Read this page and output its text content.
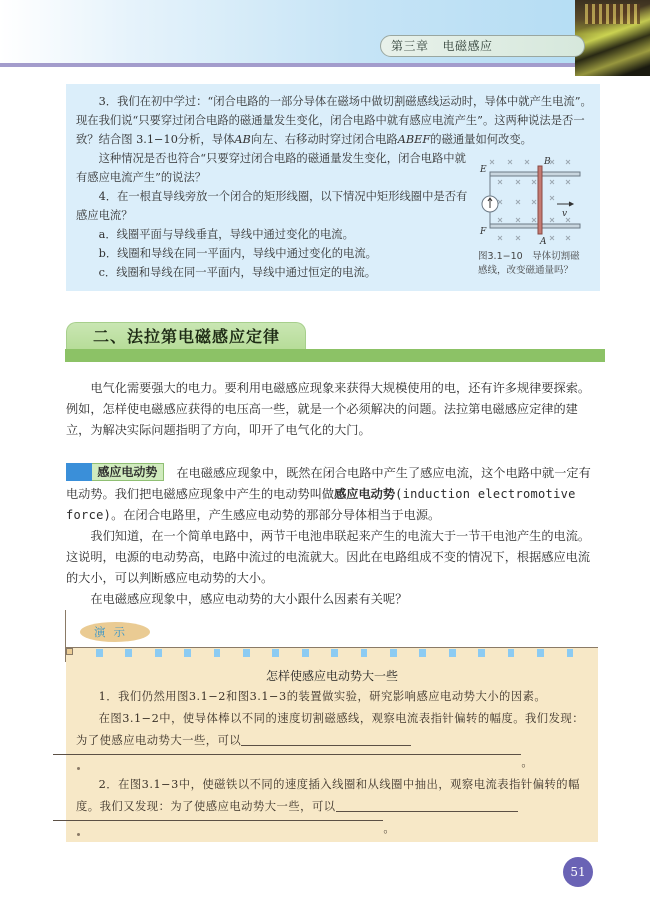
第三章 电磁感应

3．我们在初中学过：“闭合电路的一部分导体在磁场中做切割磁感线运动时，导体中就产生电流”。现在我们说“只要穿过闭合电路的磁通量发生变化，闭合电路中就有感应电流产生”。这两种说法是否一致？结合图 3.1−10分析，导体AB向左、右移动时穿过闭合电路ABEF的磁通量如何改变。

这种情况是否也符合“只要穿过闭合电路的磁通量发生变化，闭合电路中就有感应电流产生”的说法？

4．在一根直导线旁放一个闭合的矩形线圈，以下情况中矩形线圈中是否有感应电流？

a．线圈平面与导线垂直，导线中通过变化的电流。

b．线圈和导线在同一平面内，导线中通过变化的电流。

c．线圈和导线在同一平面内，导线中通过恒定的电流。

E
F
B
A
v
图3.1−10　导体切割磁
感线，改变磁通量吗？
二、法拉第电磁感应定律

电气化需要强大的电力。要利用电磁感应现象来获得大规模使用的电，还有许多规律要探索。例如，怎样使电磁感应获得的电压高一些，就是一个必须解决的问题。法拉第电磁感应定律的建立，为解决实际问题指明了方向，叩开了电气化的大门。

感应电动势 在电磁感应现象中，既然在闭合电路中产生了感应电流，这个电路中就一定有电动势。我们把电磁感应现象中产生的电动势叫做感应电动势(induction electromotive force)。在闭合电路里，产生感应电动势的那部分导体相当于电源。

我们知道，在一个简单电路中，两节干电池串联起来产生的电流大于一节干电池产生的电流。这说明，电源的电动势高，电路中流过的电流就大。因此在电路组成不变的情况下，根据感应电流的大小，可以判断感应电动势的大小。

在电磁感应现象中，感应电动势的大小跟什么因素有关呢？

演示
怎样使感应电动势大一些

1．我们仍然用图3.1−2和图3.1−3的装置做实验，研究影响感应电动势大小的因素。

在图3.1−2中，使导体棒以不同的速度切割磁感线，观察电流表指针偏转的幅度。我们发现：为了使感应电动势大一些，可以
。

2．在图3.1−3中，使磁铁以不同的速度插入线圈和从线圈中抽出，观察电流表指针偏转的幅度。我们又发现：为了使感应电动势大一些，可以
。

51
